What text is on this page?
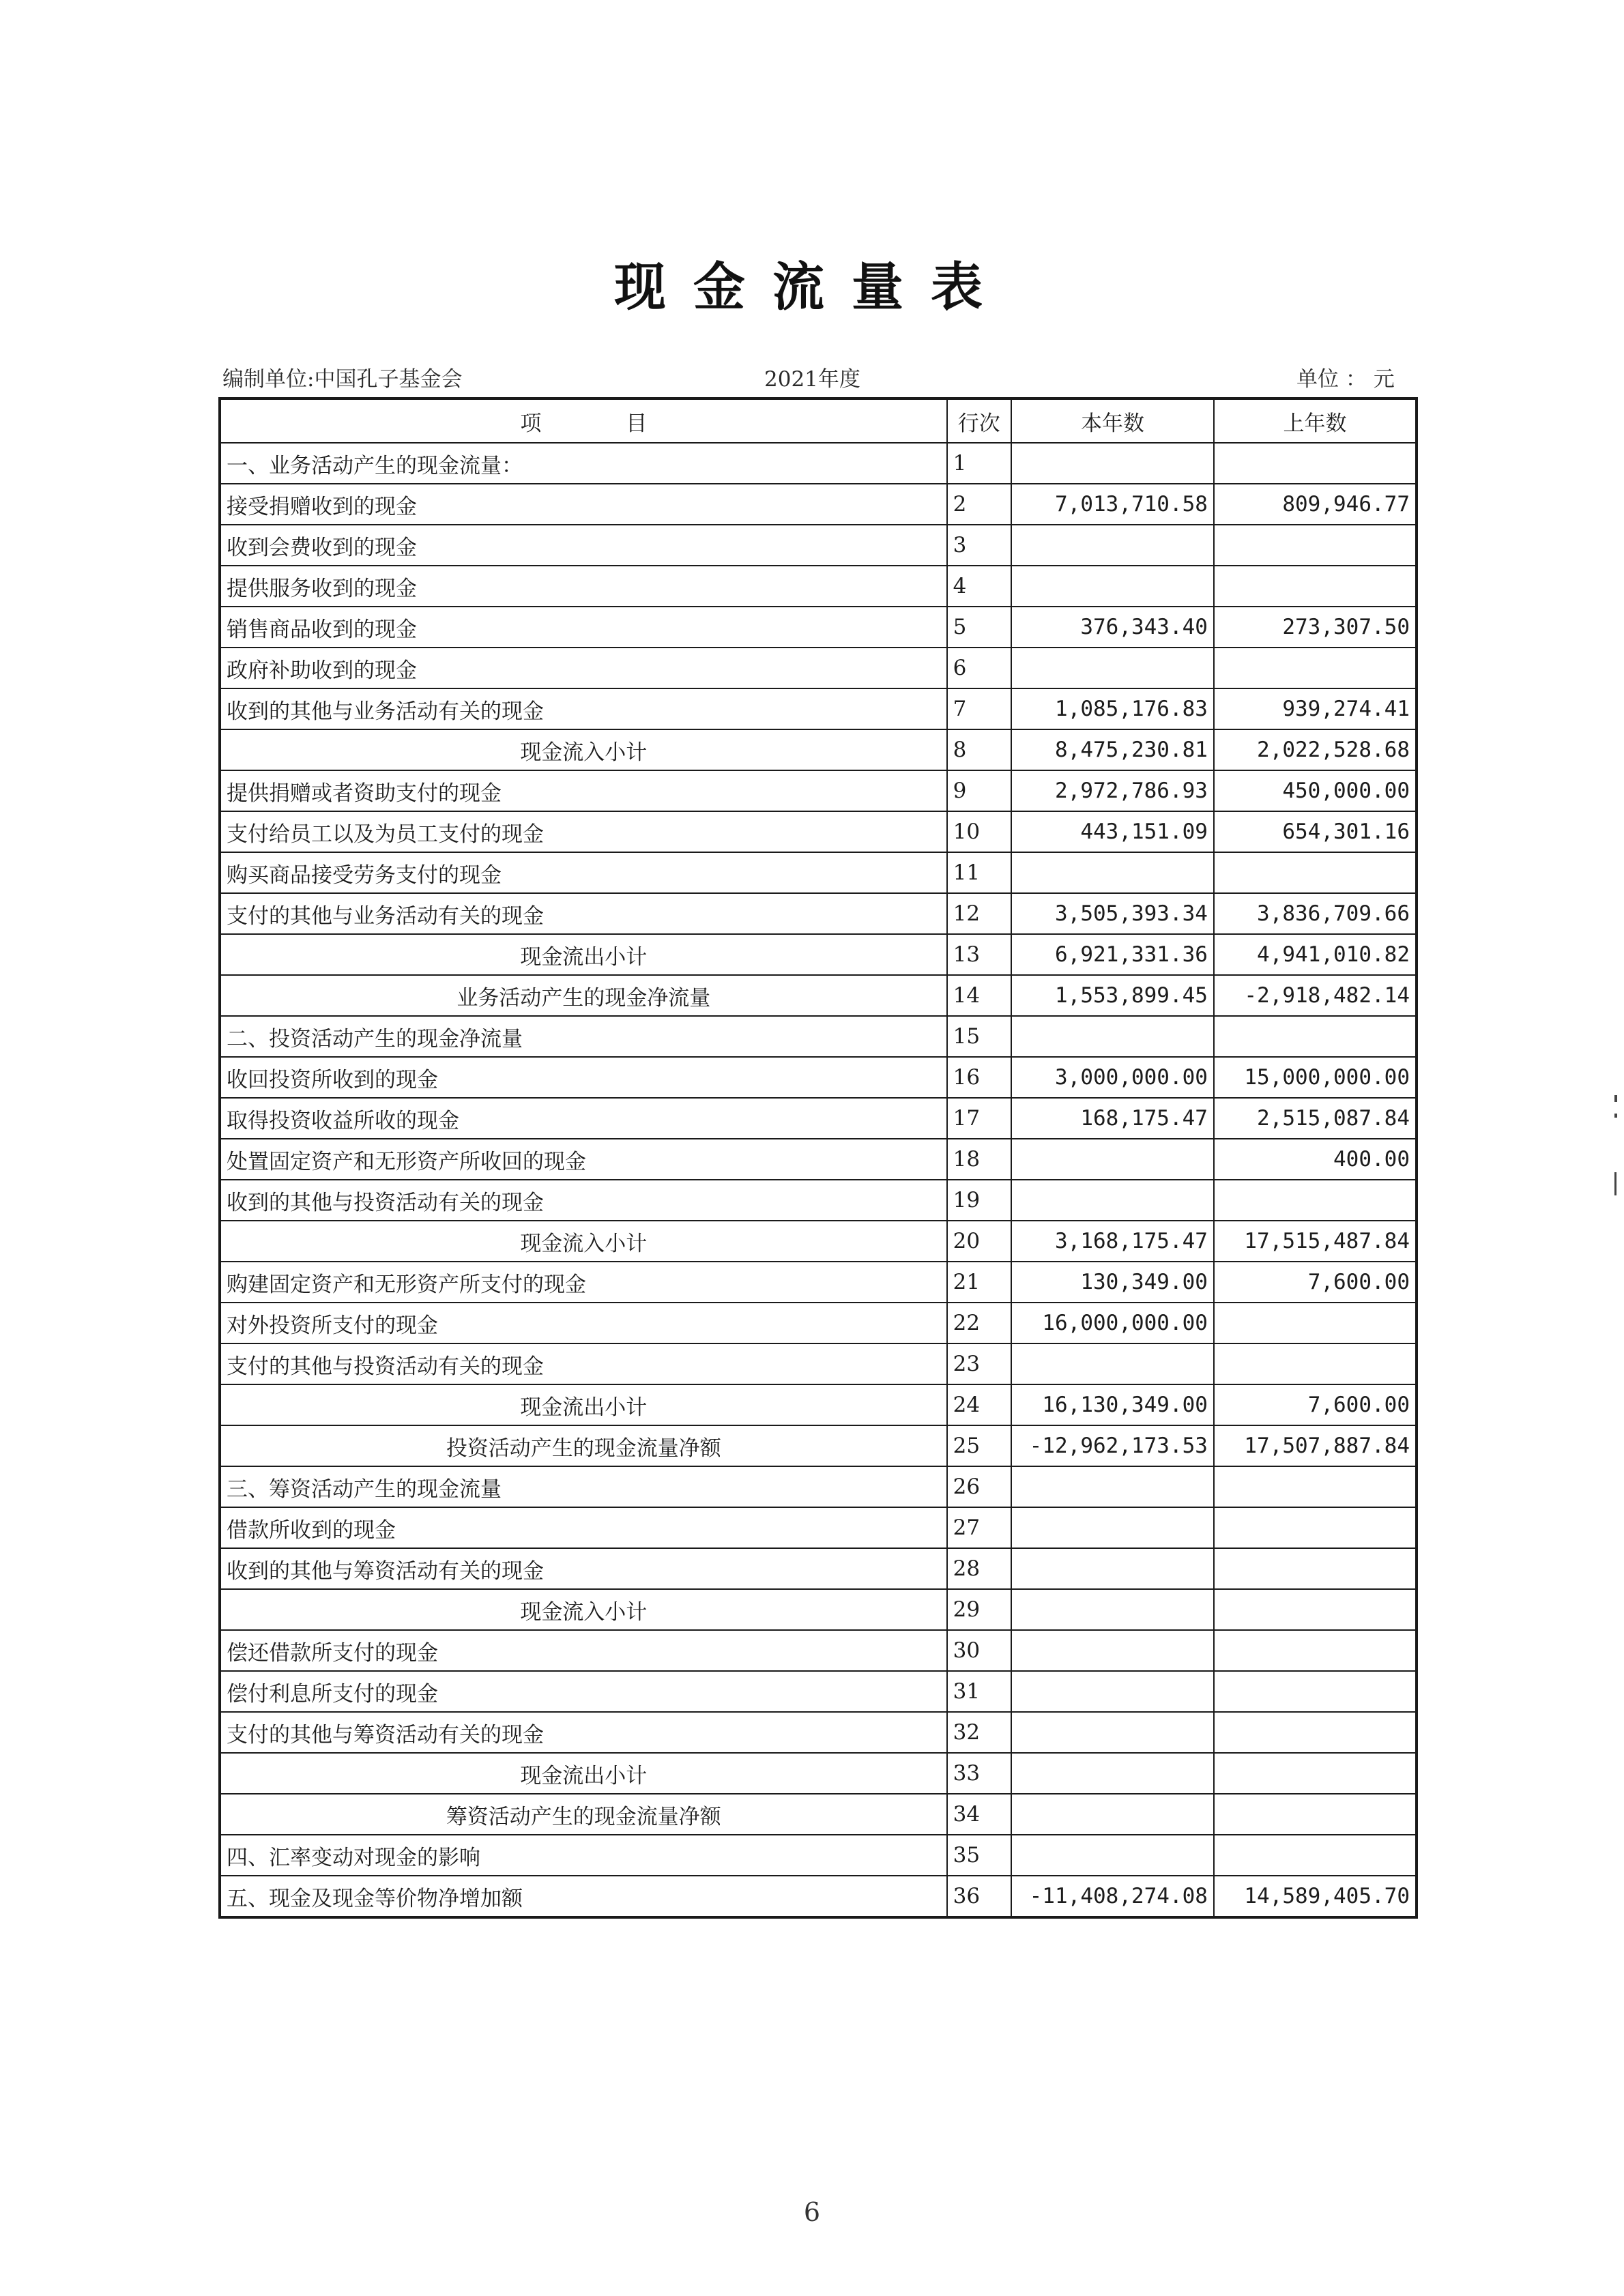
现金流量表
编制单位:中国孔子基金会	2021年度	单位 ： 元
项　　　　目	行次	本年数	上年数
一、业务活动产生的现金流量：	1		
接受捐赠收到的现金	2	7,013,710.58	809,946.77
收到会费收到的现金	3		
提供服务收到的现金	4		
销售商品收到的现金	5	376,343.40	273,307.50
政府补助收到的现金	6		
收到的其他与业务活动有关的现金	7	1,085,176.83	939,274.41
现金流入小计	8	8,475,230.81	2,022,528.68
提供捐赠或者资助支付的现金	9	2,972,786.93	450,000.00
支付给员工以及为员工支付的现金	10	443,151.09	654,301.16
购买商品接受劳务支付的现金	11		
支付的其他与业务活动有关的现金	12	3,505,393.34	3,836,709.66
现金流出小计	13	6,921,331.36	4,941,010.82
业务活动产生的现金净流量	14	1,553,899.45	-2,918,482.14
二、投资活动产生的现金净流量	15		
收回投资所收到的现金	16	3,000,000.00	15,000,000.00
取得投资收益所收的现金	17	168,175.47	2,515,087.84
处置固定资产和无形资产所收回的现金	18		400.00
收到的其他与投资活动有关的现金	19		
现金流入小计	20	3,168,175.47	17,515,487.84
购建固定资产和无形资产所支付的现金	21	130,349.00	7,600.00
对外投资所支付的现金	22	16,000,000.00	
支付的其他与投资活动有关的现金	23		
现金流出小计	24	16,130,349.00	7,600.00
投资活动产生的现金流量净额	25	-12,962,173.53	17,507,887.84
三、筹资活动产生的现金流量	26		
借款所收到的现金	27		
收到的其他与筹资活动有关的现金	28		
现金流入小计	29		
偿还借款所支付的现金	30		
偿付利息所支付的现金	31		
支付的其他与筹资活动有关的现金	32		
现金流出小计	33		
筹资活动产生的现金流量净额	34		
四、汇率变动对现金的影响	35		
五、现金及现金等价物净增加额	36	-11,408,274.08	14,589,405.70
6
